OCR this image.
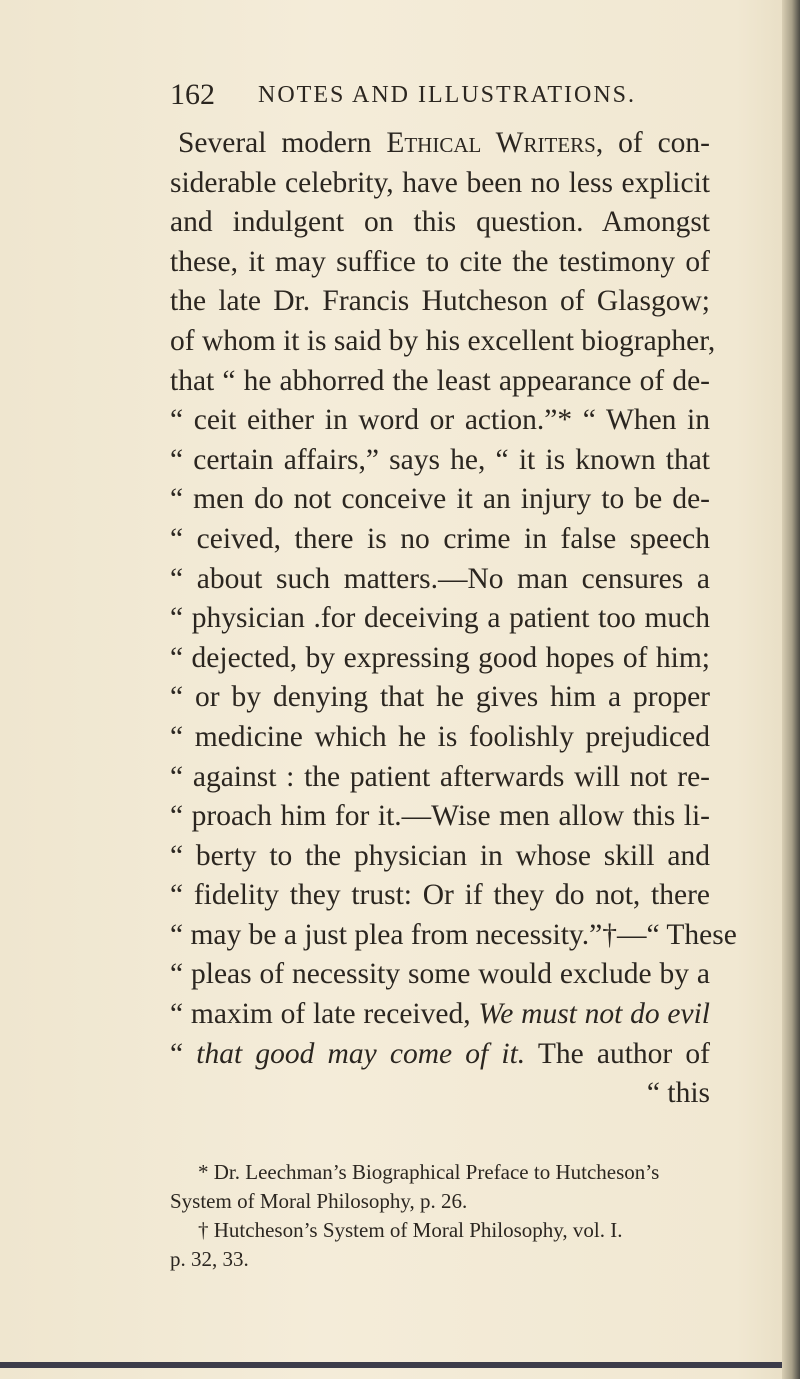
162 NOTES AND ILLUSTRATIONS.
Several modern Ethical Writers, of con-
siderable celebrity, have been no less explicit
and indulgent on this question. Amongst
these, it may suffice to cite the testimony of
the late Dr. Francis Hutcheson of Glasgow;
of whom it is said by his excellent biographer,
that “ he abhorred the least appearance of de-
“ ceit either in word or action.”* “ When in
“ certain affairs,” says he, “ it is known that
“ men do not conceive it an injury to be de-
“ ceived, there is no crime in false speech
“ about such matters.—No man censures a
“ physician .for deceiving a patient too much
“ dejected, by expressing good hopes of him;
“ or by denying that he gives him a proper
“ medicine which he is foolishly prejudiced
“ against : the patient afterwards will not re-
“ proach him for it.—Wise men allow this li-
“ berty to the physician in whose skill and
“ fidelity they trust: Or if they do not, there
“ may be a just plea from necessity.”†—“ These
“ pleas of necessity some would exclude by a
“ maxim of late received, We must not do evil
“ that good may come of it. The author of
“ this
* Dr. Leechman’s Biographical Preface to Hutcheson’s
System of Moral Philosophy, p. 26.
† Hutcheson’s System of Moral Philosophy, vol. I.
p. 32, 33.
